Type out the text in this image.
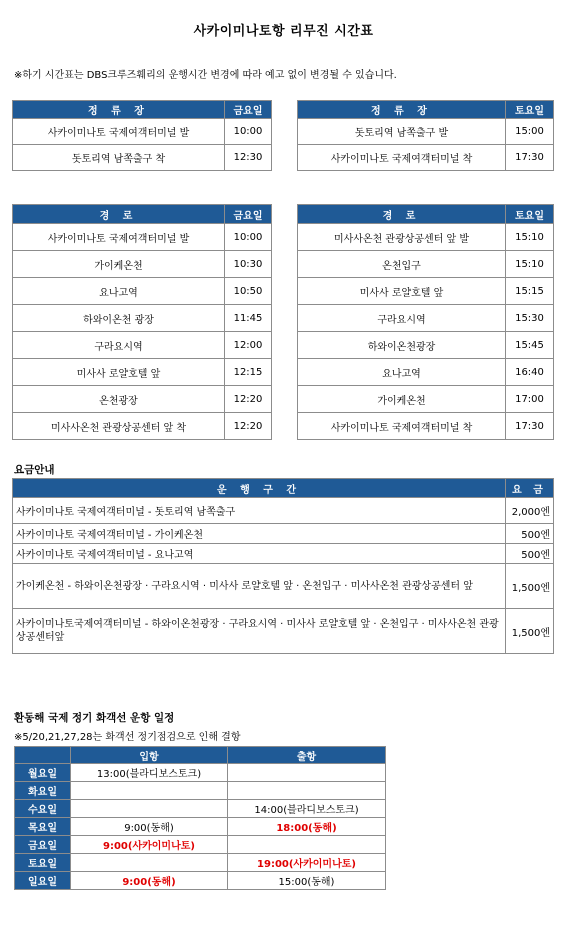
사카이미나토항 리무진 시간표
※하기 시간표는 DBS크루즈훼리의 운행시간 변경에 따라 예고 없이 변경될 수 있습니다.
정 류 장	금요일
사카이미나토 국제여객터미널 발	10:00
돗토리역 남쪽출구 착	12:30
정 류 장	토요일
돗토리역 남쪽출구 발	15:00
사카이미나토 국제여객터미널 착	17:30
경 로	금요일
사카이미나토 국제여객터미널 발	10:00
가이케온천	10:30
요나고역	10:50
하와이온천 광장	11:45
구라요시역	12:00
미사사 로얄호텔 앞	12:15
온천광장	12:20
미사사온천 관광상공센터 앞 착	12:20
경 로	토요일
미사사온천 관광상공센터 앞 발	15:10
온천입구	15:10
미사사 로얄호텔 앞	15:15
구라요시역	15:30
하와이온천광장	15:45
요나고역	16:40
가이케온천	17:00
사카이미나토 국제여객터미널 착	17:30
요금안내
운 행 구 간	요 금
사카이미나토 국제여객터미널 - 돗토리역 남쪽출구	2,000엔
사카이미나토 국제여객터미널 - 가이케온천	500엔
사카이미나토 국제여객터미널 - 요나고역	500엔
가이케온천 - 하와이온천광장 · 구라요시역 · 미사사 로얄호텔 앞 · 온천입구 · 미사사온천 관광상공센터 앞	1,500엔
사카이미나토국제여객터미널 - 하와이온천광장 · 구라요시역 · 미사사 로얄호텔 앞 · 온천입구 · 미사사온천 관광상공센터앞	1,500엔
환동해 국제 정기 화객선 운항 일정
※5/20,21,27,28는 화객선 정기점검으로 인해 결항
	입항	출항
월요일	13:00(블라디보스토크)	
화요일		
수요일		14:00(블라디보스토크)
목요일	9:00(동해)	18:00(동해)
금요일	9:00(사카이미나토)	
토요일		19:00(사카이미나토)
일요일	9:00(동해)	15:00(동해)
